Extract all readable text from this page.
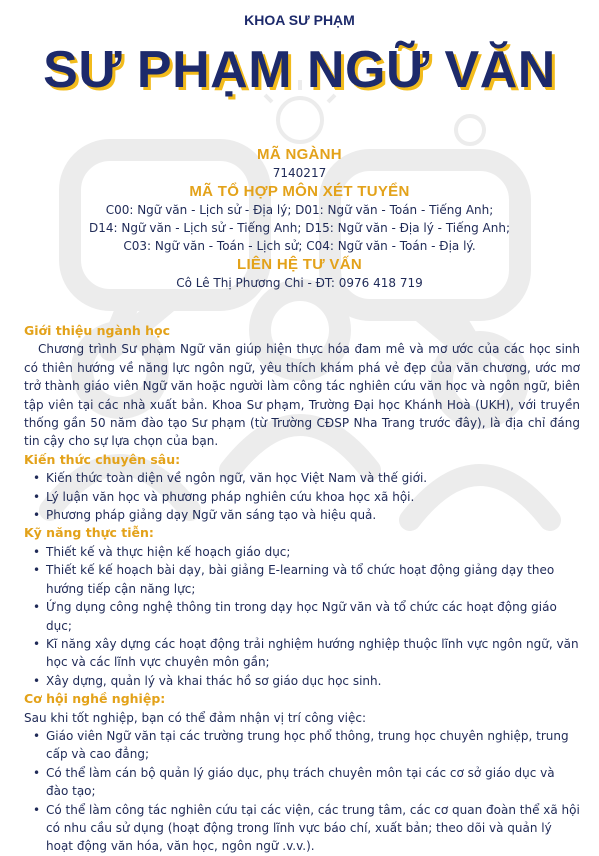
KHOA SƯ PHẠM
SƯ PHẠM NGỮ VĂN
MÃ NGÀNH
7140217
MÃ TỔ HỢP MÔN XÉT TUYỂN
C00: Ngữ văn - Lịch sử - Địa lý; D01: Ngữ văn - Toán - Tiếng Anh;
D14: Ngữ văn - Lịch sử - Tiếng Anh; D15: Ngữ văn - Địa lý - Tiếng Anh;
C03: Ngữ văn - Toán - Lịch sử; C04: Ngữ văn - Toán - Địa lý.
LIÊN HỆ TƯ VẤN
Cô Lê Thị Phương Chi - ĐT: 0976 418 719
Giới thiệu ngành học

Chương trình Sư phạm Ngữ văn giúp hiện thực hóa đam mê và mơ ước của các học sinh có thiên hướng về năng lực ngôn ngữ, yêu thích khám phá vẻ đẹp của văn chương, ước mơ trở thành giáo viên Ngữ văn hoặc người làm công tác nghiên cứu văn học và ngôn ngữ, biên tập viên tại các nhà xuất bản. Khoa Sư phạm, Trường Đại học Khánh Hoà (UKH), với truyền thống gần 50 năm đào tạo Sư phạm (từ Trường CĐSP Nha Trang trước đây), là địa chỉ đáng tin cậy cho sự lựa chọn của bạn.

Kiến thức chuyên sâu:
• Kiến thức toàn diện về ngôn ngữ, văn học Việt Nam và thế giới.
• Lý luận văn học và phương pháp nghiên cứu khoa học xã hội.
• Phương pháp giảng dạy Ngữ văn sáng tạo và hiệu quả.
Kỹ năng thực tiễn:
• Thiết kế và thực hiện kế hoạch giáo dục;
• Thiết kế kế hoạch bài dạy, bài giảng E-learning và tổ chức hoạt động giảng dạy theo hướng tiếp cận năng lực;
• Ứng dụng công nghệ thông tin trong dạy học Ngữ văn và tổ chức các hoạt động giáo dục;
• Kĩ năng xây dựng các hoạt động trải nghiệm hướng nghiệp thuộc lĩnh vực ngôn ngữ, văn học và các lĩnh vực chuyên môn gần;
• Xây dựng, quản lý và khai thác hồ sơ giáo dục học sinh.
Cơ hội nghề nghiệp:

Sau khi tốt nghiệp, bạn có thể đảm nhận vị trí công việc:

• Giáo viên Ngữ văn tại các trường trung học phổ thông, trung học chuyên nghiệp, trung cấp và cao đẳng;
• Có thể làm cán bộ quản lý giáo dục, phụ trách chuyên môn tại các cơ sở giáo dục và đào tạo;
• Có thể làm công tác nghiên cứu tại các viện, các trung tâm, các cơ quan đoàn thể xã hội có nhu cầu sử dụng (hoạt động trong lĩnh vực báo chí, xuất bản; theo dõi và quản lý hoạt động văn hóa, văn học, ngôn ngữ .v.v.).
